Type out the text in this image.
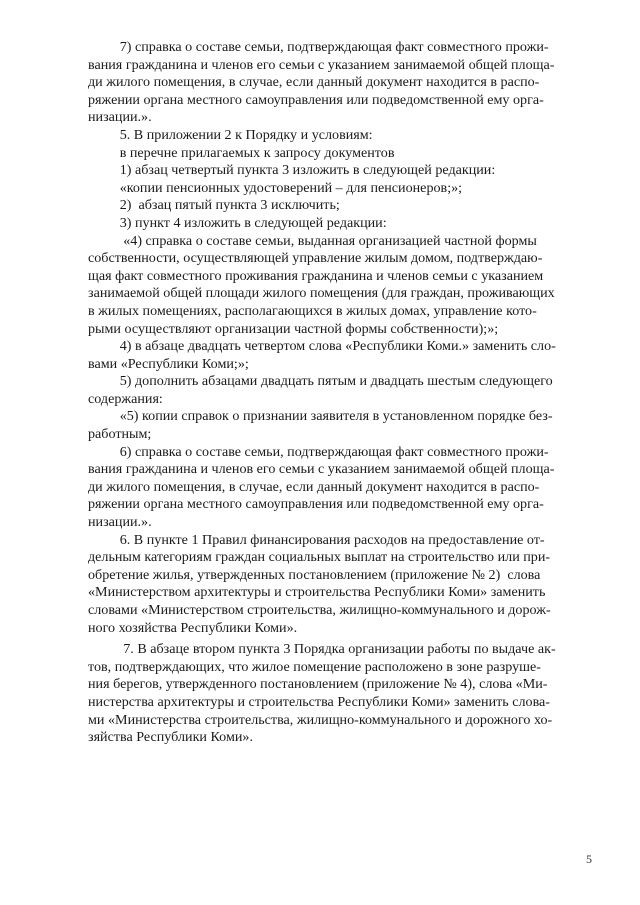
7) справка о составе семьи, подтверждающая факт совместного прожи-
вания гражданина и членов его семьи с указанием занимаемой общей площа-
ди жилого помещения, в случае, если данный документ находится в распо-
ряжении органа местного самоуправления или подведомственной ему орга-
низации.».

5. В приложении 2 к Порядку и условиям:
в перечне прилагаемых к запросу документов

1) абзац четвертый пункта 3 изложить в следующей редакции:
«копии пенсионных удостоверений – для пенсионеров;»;

2)  абзац пятый пункта 3 исключить;

3) пункт 4 изложить в следующей редакции:

«4) справка о составе семьи, выданная организацией частной формы
собственности, осуществляющей управление жилым домом, подтверждаю-
щая факт совместного проживания гражданина и членов семьи с указанием
занимаемой общей площади жилого помещения (для граждан, проживающих
в жилых помещениях, располагающихся в жилых домах, управление кото-
рыми осуществляют организации частной формы собственности);»;

4) в абзаце двадцать четвертом слова «Республики Коми.» заменить сло-
вами «Республики Коми;»;

5) дополнить абзацами двадцать пятым и двадцать шестым следующего
содержания:

«5) копии справок о признании заявителя в установленном порядке без-
работным;

6) справка о составе семьи, подтверждающая факт совместного прожи-
вания гражданина и членов его семьи с указанием занимаемой общей площа-
ди жилого помещения, в случае, если данный документ находится в распо-
ряжении органа местного самоуправления или подведомственной ему орга-
низации.».

6. В пункте 1 Правил финансирования расходов на предоставление от-
дельным категориям граждан социальных выплат на строительство или при-
обретение жилья, утвержденных постановлением (приложение № 2)  слова
«Министерством архитектуры и строительства Республики Коми» заменить
словами «Министерством строительства, жилищно-коммунального и дорож-
ного хозяйства Республики Коми».

7. В абзаце втором пункта 3 Порядка организации работы по выдаче ак-
тов, подтверждающих, что жилое помещение расположено в зоне разруше-
ния берегов, утвержденного постановлением (приложение № 4), слова «Ми-
нистерства архитектуры и строительства Республики Коми» заменить слова-
ми «Министерства строительства, жилищно-коммунального и дорожного хо-
зяйства Республики Коми».

5
